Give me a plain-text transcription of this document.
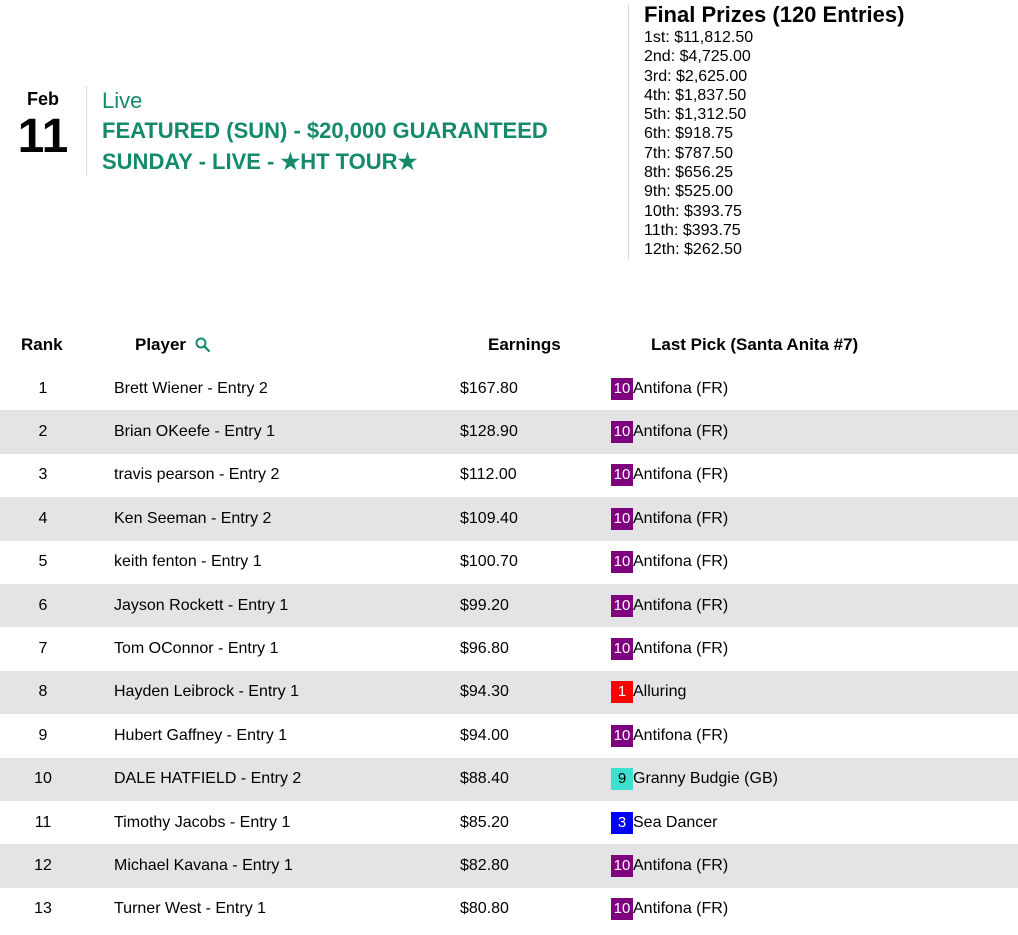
Feb
11
Live
FEATURED (SUN) - $20,000 GUARANTEED
SUNDAY - LIVE - ★HT TOUR★
Final Prizes (120 Entries)
1st: $11,812.50
2nd: $4,725.00
3rd: $2,625.00
4th: $1,837.50
5th: $1,312.50
6th: $918.75
7th: $787.50
8th: $656.25
9th: $525.00
10th: $393.75
11th: $393.75
12th: $262.50
Rank	Player	Earnings	Last Pick (Santa Anita #7)
1	Brett Wiener - Entry 2	$167.80	10 Antifona (FR)
2	Brian OKeefe - Entry 1	$128.90	10 Antifona (FR)
3	travis pearson - Entry 2	$112.00	10 Antifona (FR)
4	Ken Seeman - Entry 2	$109.40	10 Antifona (FR)
5	keith fenton - Entry 1	$100.70	10 Antifona (FR)
6	Jayson Rockett - Entry 1	$99.20	10 Antifona (FR)
7	Tom OConnor - Entry 1	$96.80	10 Antifona (FR)
8	Hayden Leibrock - Entry 1	$94.30	1 Alluring
9	Hubert Gaffney - Entry 1	$94.00	10 Antifona (FR)
10	DALE HATFIELD - Entry 2	$88.40	9 Granny Budgie (GB)
11	Timothy Jacobs - Entry 1	$85.20	3 Sea Dancer
12	Michael Kavana - Entry 1	$82.80	10 Antifona (FR)
13	Turner West - Entry 1	$80.80	10 Antifona (FR)
